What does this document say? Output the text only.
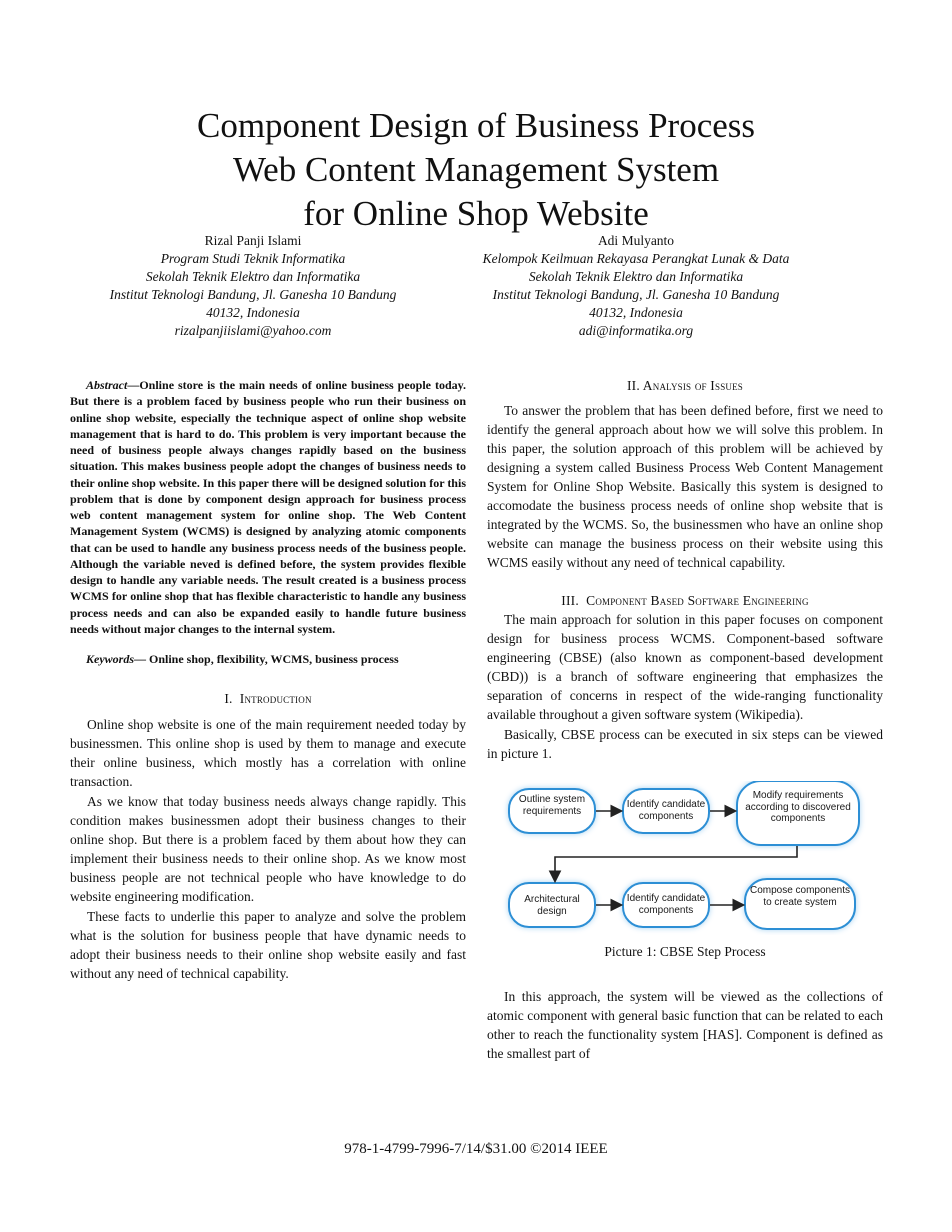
Component Design of Business Process
Web Content Management System
for Online Shop Website
Rizal Panji Islami
Program Studi Teknik Informatika
Sekolah Teknik Elektro dan Informatika
Institut Teknologi Bandung, Jl. Ganesha 10 Bandung
40132, Indonesia
rizalpanjiislami@yahoo.com
Adi Mulyanto
Kelompok Keilmuan Rekayasa Perangkat Lunak & Data
Sekolah Teknik Elektro dan Informatika
Institut Teknologi Bandung, Jl. Ganesha 10 Bandung
40132, Indonesia
adi@informatika.org

Abstract—Online store is the main needs of online business people today. But there is a problem faced by business people who run their business on online shop website, especially the technique aspect of online shop website management that is hard to do. This problem is very important because the need of business people always changes rapidly based on the business situation. This makes business people adopt the changes of business needs to their online shop website. In this paper there will be designed solution for this problem that is done by component design approach for business process web content management system for online shop. The Web Content Management System (WCMS) is designed by analyzing atomic components that can be used to handle any business process needs of the business people. Although the variable neved is defined before, the system provides flexible design to handle any variable needs. The result created is a business process WCMS for online shop that has flexible characteristic to handle any business process needs and can also be expanded easily to handle future business needs without major changes to the internal system.

Keywords— Online shop, flexibility, WCMS, business process

I. Introduction

Online shop website is one of the main requirement needed today by businessmen. This online shop is used by them to manage and execute their online business, which mostly has a correlation with online transaction.

As we know that today business needs always change rapidly. This condition makes businessmen adopt their business changes to their online shop. But there is a problem faced by them about how they can implement their business needs to their online shop. As we know most business people are not technical people who have knowledge to do website engineering modification.

These facts to underlie this paper to analyze and solve the problem what is the solution for business people that have dynamic needs to adopt their business needs to their online shop website easily and fast without any need of technical capability.

II. Analysis of Issues

To answer the problem that has been defined before, first we need to identify the general approach about how we will solve this problem. In this paper, the solution approach of this problem will be achieved by designing a system called Business Process Web Content Management System for Online Shop Website. Basically this system is designed to accomodate the business process needs of online shop website that is integrated by the WCMS. So, the businessmen who have an online shop website can manage the business process on their website using this WCMS easily without any need of technical capability.

III. Component Based Software Engineering

The main approach for solution in this paper focuses on component design for business process WCMS. Component-based software engineering (CBSE) (also known as component-based development (CBD)) is a branch of software engineering that emphasizes the separation of concerns in respect of the wide-ranging functionality available throughout a given software system (Wikipedia).

Basically, CBSE process can be executed in six steps can be viewed in picture 1.

Outline system requirements
Identify candidate components
Modify requirements according to discovered components
Architectural design
Identify candidate components
Compose components to create system
Picture 1: CBSE Step Process

In this approach, the system will be viewed as the collections of atomic component with general basic function that can be related to each other to reach the functionality system [HAS]. Component is defined as the smallest part of

978-1-4799-7996-7/14/$31.00 ©2014 IEEE
